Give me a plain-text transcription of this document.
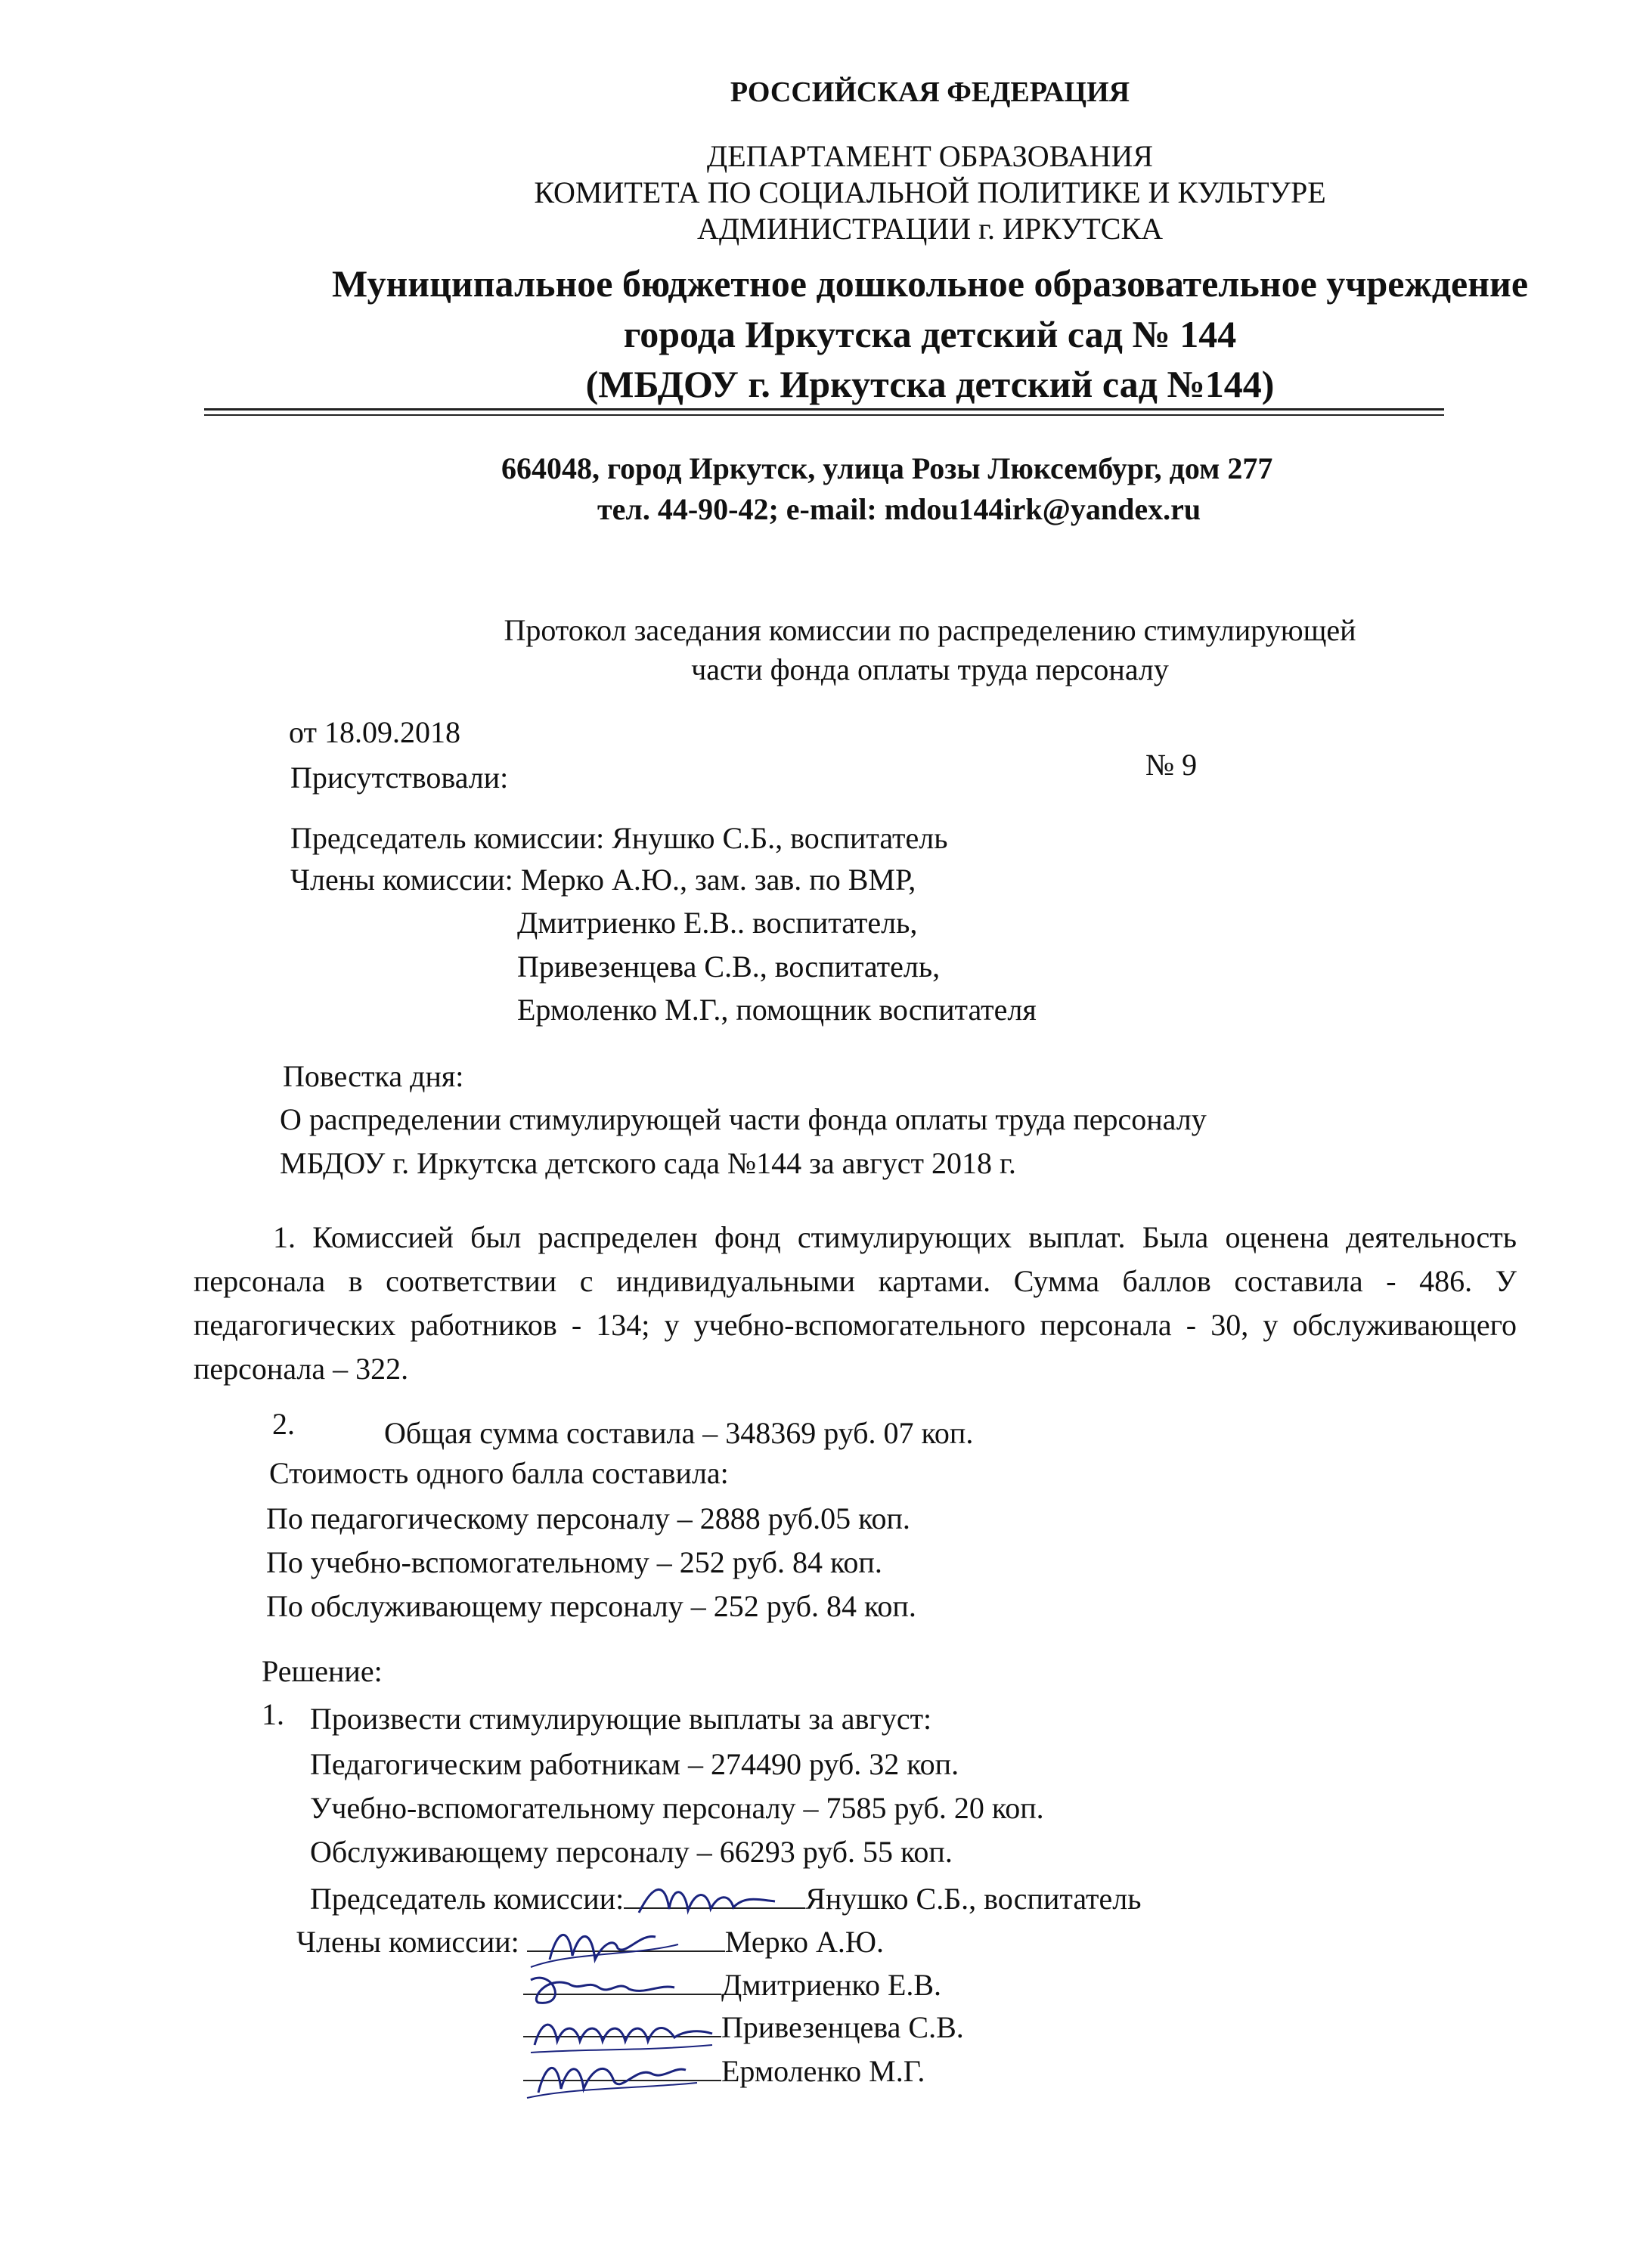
РОССИЙСКАЯ ФЕДЕРАЦИЯ
ДЕПАРТАМЕНТ ОБРАЗОВАНИЯ
КОМИТЕТА ПО СОЦИАЛЬНОЙ ПОЛИТИКЕ И КУЛЬТУРЕ
АДМИНИСТРАЦИИ г. ИРКУТСКА
Муниципальное бюджетное дошкольное образовательное учреждение
города Иркутска детский сад № 144
(МБДОУ г. Иркутска детский сад №144)
664048, город Иркутск, улица Розы Люксембург, дом 277
тел. 44-90-42; e-mail: mdou144irk@yandex.ru
Протокол заседания комиссии по распределению стимулирующей
части фонда оплаты труда персоналу
от 18.09.2018
№ 9
Присутствовали:
Председатель комиссии: Янушко С.Б., воспитатель
Члены комиссии: Мерко А.Ю., зам. зав. по ВМР,
Дмитриенко Е.В.. воспитатель,
Привезенцева С.В., воспитатель,
Ермоленко М.Г., помощник воспитателя
Повестка дня:
О распределении стимулирующей части фонда оплаты труда персоналу
МБДОУ г. Иркутска детского сада №144 за август 2018 г.
1. Комиссией был распределен фонд стимулирующих выплат. Была оценена деятельность персонала в соответствии с индивидуальными картами. Сумма баллов составила - 486. У педагогических работников - 134; у учебно-вспомогательного персонала - 30, у обслуживающего персонала – 322.
2.	Общая сумма составила – 348369 руб. 07 коп.
Стоимость одного балла составила:
По педагогическому персоналу – 2888 руб.05 коп.
По учебно-вспомогательному – 252 руб. 84 коп.
По обслуживающему персоналу – 252 руб. 84 коп.
Решение:
1. Произвести стимулирующие выплаты за август:
Педагогическим работникам – 274490 руб. 32 коп.
Учебно-вспомогательному персоналу – 7585 руб. 20 коп.
Обслуживающему персоналу – 66293 руб. 55 коп.
Председатель комиссии:	Янушко С.Б., воспитатель
Члены комиссии:	Мерко А.Ю.
Дмитриенко Е.В.
Привезенцева С.В.
Ермоленко М.Г.
